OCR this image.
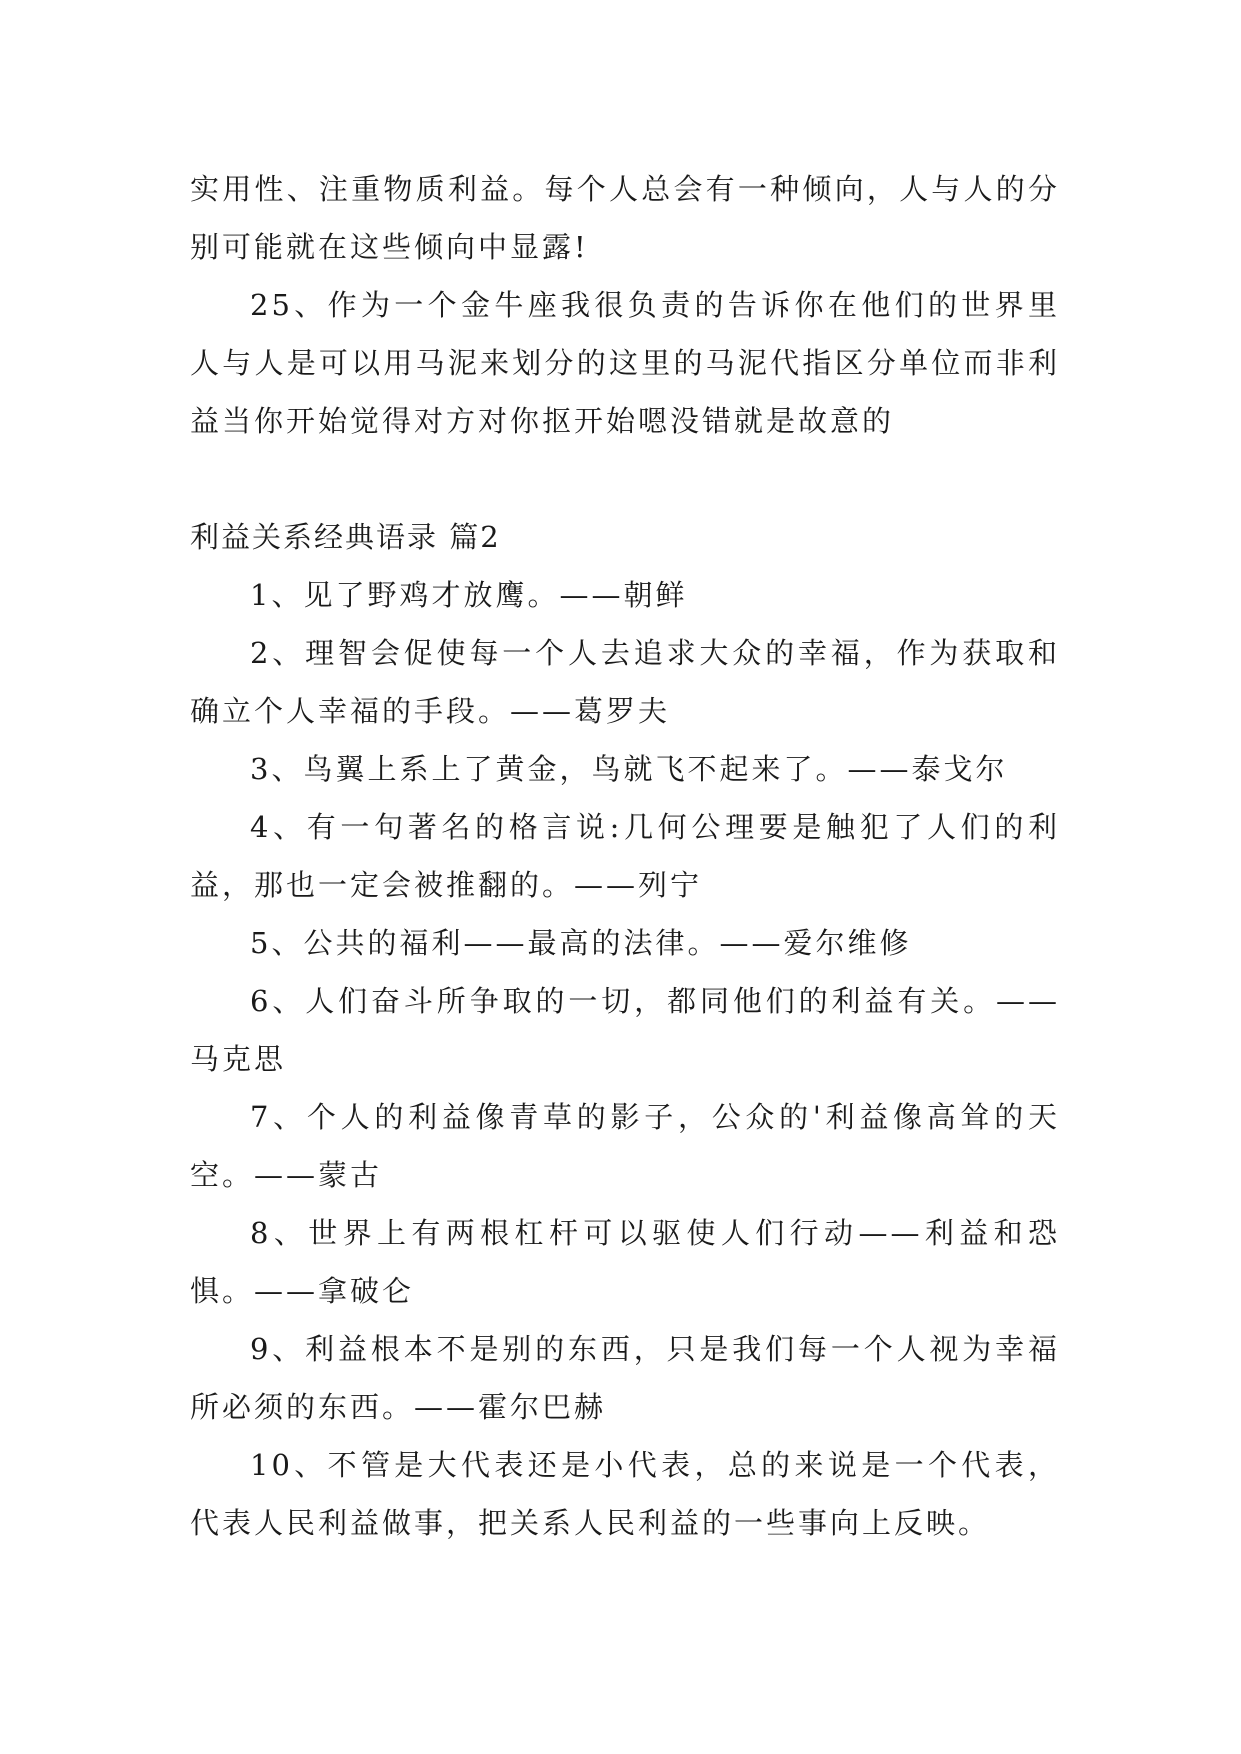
实用性、注重物质利益。每个人总会有一种倾向，人与人的分别可能就在这些倾向中显露!

25、作为一个金牛座我很负责的告诉你在他们的世界里人与人是可以用马泥来划分的这里的马泥代指区分单位而非利益当你开始觉得对方对你抠开始嗯没错就是故意的

利益关系经典语录 篇2

1、见了野鸡才放鹰。——朝鲜

2、理智会促使每一个人去追求大众的幸福，作为获取和确立个人幸福的手段。——葛罗夫

3、鸟翼上系上了黄金，鸟就飞不起来了。——泰戈尔

4、有一句著名的格言说:几何公理要是触犯了人们的利益，那也一定会被推翻的。——列宁

5、公共的福利——最高的法律。——爱尔维修

6、人们奋斗所争取的一切，都同他们的利益有关。——马克思

7、个人的利益像青草的影子，公众的'利益像高耸的天空。——蒙古

8、世界上有两根杠杆可以驱使人们行动——利益和恐惧。——拿破仑

9、利益根本不是别的东西，只是我们每一个人视为幸福所必须的东西。——霍尔巴赫

10、不管是大代表还是小代表，总的来说是一个代表，代表人民利益做事，把关系人民利益的一些事向上反映。
